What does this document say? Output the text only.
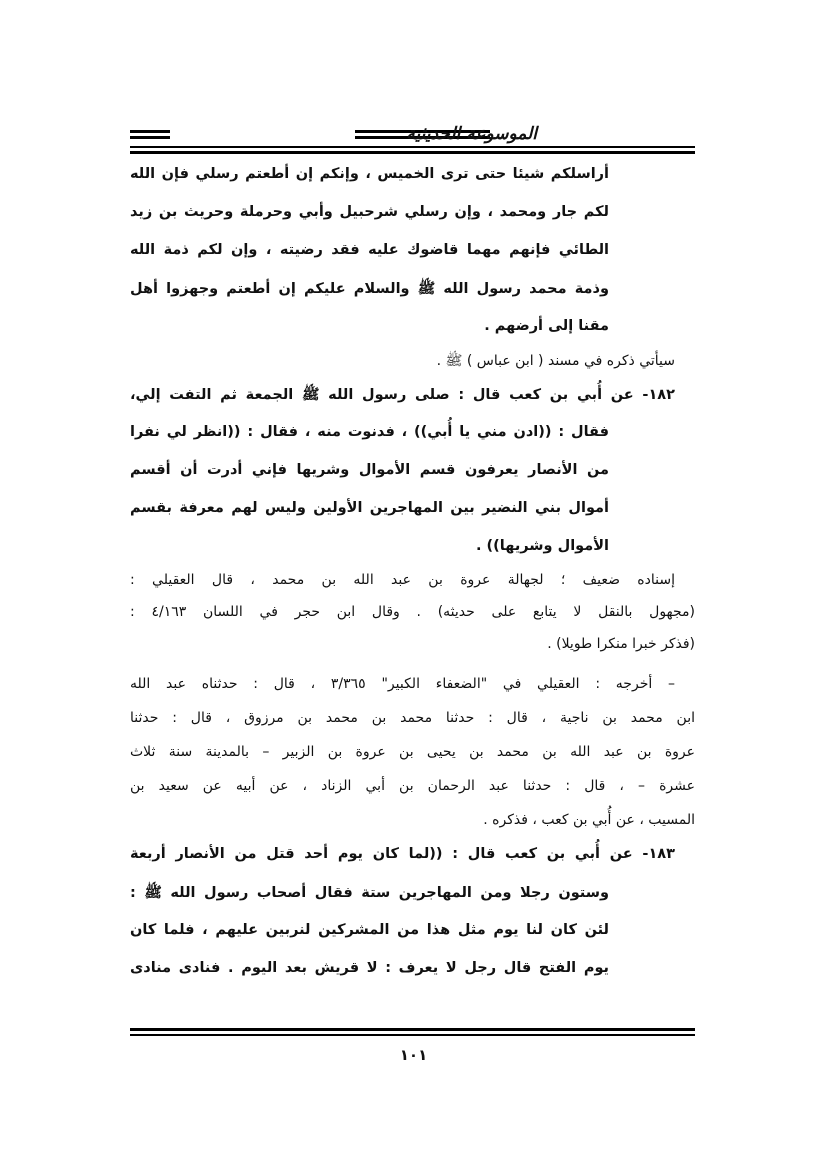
الموسوعة الحديثية
أراسلكم شيئا حتى ترى الخميس ، وإنكم إن أطعتم رسلي فإن الله
لكم جار ومحمد ، وإن رسلي شرحبيل وأبي وحرملة وحريث بن زيد
الطائي فإنهم مهما قاضوك عليه فقد رضيته ، وإن لكم ذمة الله
وذمة محمد رسول الله ﷺ والسلام عليكم إن أطعتم وجهزوا أهل
مقنا إلى أرضهم .
سيأتي ذكره في مسند ( ابن عباس ) ﷺ .
١٨٢- عن أُبي بن كعب قال : صلى رسول الله ﷺ الجمعة ثم التفت إلي،
فقال : ((ادن مني يا أُبي)) ، فدنوت منه ، فقال : ((انظر لي نفرا
من الأنصار يعرفون قسم الأموال وشريها فإني أدرت أن أقسم
أموال بني النضير بين المهاجرين الأولين وليس لهم معرفة بقسم
الأموال وشريها)) .
إسناده ضعيف ؛ لجهالة عروة بن عبد الله بن محمد ، قال العقيلي :
(مجهول بالنقل لا يتابع على حديثه) . وقال ابن حجر في اللسان ٤/١٦٣ :
(فذكر خبرا منكرا طويلا) .
– أخرجه : العقيلي في "الضعفاء الكبير" ٣/٣٦٥ ، قال : حدثناه عبد الله
ابن محمد بن ناجية ، قال : حدثنا محمد بن محمد بن مرزوق ، قال : حدثنا
عروة بن عبد الله بن محمد بن يحيى بن عروة بن الزبير – بالمدينة سنة ثلاث
عشرة – ، قال : حدثنا عبد الرحمان بن أبي الزناد ، عن أبيه عن سعيد بن
المسيب ، عن أُبي بن كعب ، فذكره .
١٨٣- عن أُبي بن كعب قال : ((لما كان يوم أحد قتل من الأنصار أربعة
وستون رجلا ومن المهاجرين ستة فقال أصحاب رسول الله ﷺ :
لئن كان لنا يوم مثل هذا من المشركين لنربين عليهم ، فلما كان
يوم الفتح قال رجل لا يعرف : لا قريش بعد اليوم . فنادى منادى
١٠١
